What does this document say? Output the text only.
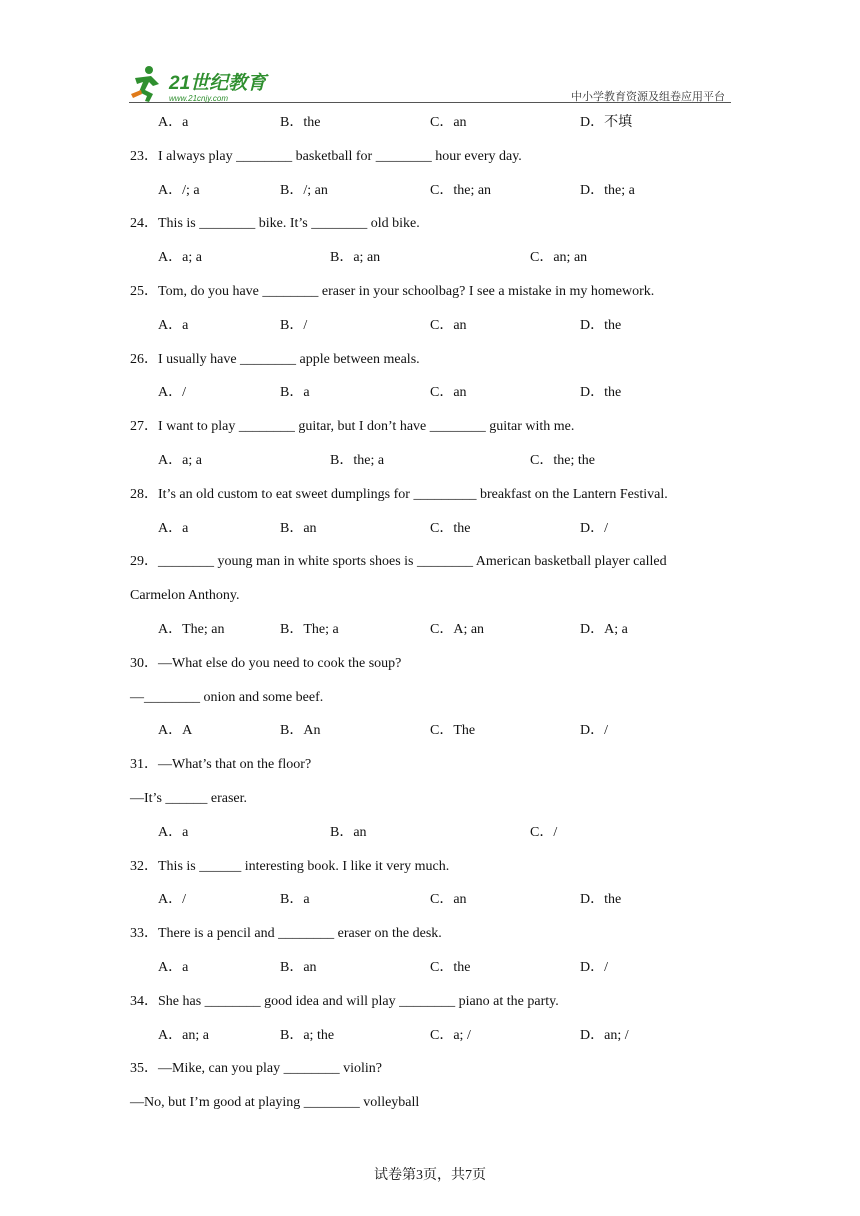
21世纪教育
www.21cnjy.com	中小学教育资源及组卷应用平台
A．a	B．the	C．an	D．不填
23．I always play ________ basketball for ________ hour every day.
A．/; a	B．/; an	C．the; an	D．the; a
24．This is ________ bike. It’s ________ old bike.
A．a; a	B．a; an	C．an; an
25．Tom, do you have ________ eraser in your schoolbag? I see a mistake in my homework.
A．a	B．/	C．an	D．the
26．I usually have ________ apple between meals.
A．/	B．a	C．an	D．the
27．I want to play ________ guitar, but I don’t have ________ guitar with me.
A．a; a	B．the; a	C．the; the
28．It’s an old custom to eat sweet dumplings for _________ breakfast on the Lantern Festival.
A．a	B．an	C．the	D．/
29．________ young man in white sports shoes is ________ American basketball player called
Carmelon Anthony.
A．The; an	B．The; a	C．A; an	D．A; a
30．—What else do you need to cook the soup?
—________ onion and some beef.
A．A	B．An	C．The	D．/
31．—What’s that on the floor?
—It’s ______ eraser.
A．a	B．an	C．/
32．This is ______ interesting book. I like it very much.
A．/	B．a	C．an	D．the
33．There is a pencil and ________ eraser on the desk.
A．a	B．an	C．the	D．/
34．She has ________ good idea and will play ________ piano at the party.
A．an; a	B．a; the	C．a; /	D．an; /
35．—Mike, can you play ________ violin?
—No, but I’m good at playing ________ volleyball
试卷第3页，共7页
